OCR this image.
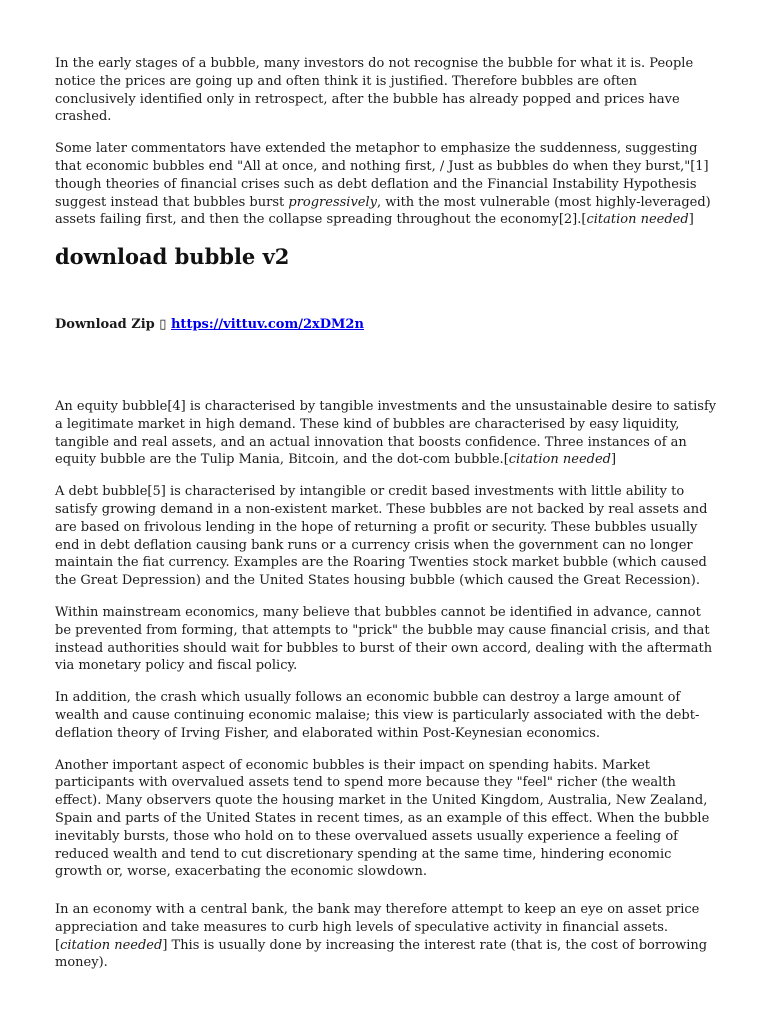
In the early stages of a bubble, many investors do not recognise the bubble for what it is. People notice the prices are going up and often think it is justified. Therefore bubbles are often conclusively identified only in retrospect, after the bubble has already popped and prices have crashed.

Some later commentators have extended the metaphor to emphasize the suddenness, suggesting that economic bubbles end "All at once, and nothing first, / Just as bubbles do when they burst,"[1] though theories of financial crises such as debt deflation and the Financial Instability Hypothesis suggest instead that bubbles burst progressively, with the most vulnerable (most highly-leveraged) assets failing first, and then the collapse spreading throughout the economy[2].[citation needed]

download bubble v2
Download Zip ▯ https://vittuv.com/2xDM2n

An equity bubble[4] is characterised by tangible investments and the unsustainable desire to satisfy a legitimate market in high demand. These kind of bubbles are characterised by easy liquidity, tangible and real assets, and an actual innovation that boosts confidence. Three instances of an equity bubble are the Tulip Mania, Bitcoin, and the dot-com bubble.[citation needed]

A debt bubble[5] is characterised by intangible or credit based investments with little ability to satisfy growing demand in a non-existent market. These bubbles are not backed by real assets and are based on frivolous lending in the hope of returning a profit or security. These bubbles usually end in debt deflation causing bank runs or a currency crisis when the government can no longer maintain the fiat currency. Examples are the Roaring Twenties stock market bubble (which caused the Great Depression) and the United States housing bubble (which caused the Great Recession).

Within mainstream economics, many believe that bubbles cannot be identified in advance, cannot be prevented from forming, that attempts to "prick" the bubble may cause financial crisis, and that instead authorities should wait for bubbles to burst of their own accord, dealing with the aftermath via monetary policy and fiscal policy.

In addition, the crash which usually follows an economic bubble can destroy a large amount of wealth and cause continuing economic malaise; this view is particularly associated with the debt-deflation theory of Irving Fisher, and elaborated within Post-Keynesian economics.

Another important aspect of economic bubbles is their impact on spending habits. Market participants with overvalued assets tend to spend more because they "feel" richer (the wealth effect). Many observers quote the housing market in the United Kingdom, Australia, New Zealand, Spain and parts of the United States in recent times, as an example of this effect. When the bubble inevitably bursts, those who hold on to these overvalued assets usually experience a feeling of reduced wealth and tend to cut discretionary spending at the same time, hindering economic growth or, worse, exacerbating the economic slowdown.

In an economy with a central bank, the bank may therefore attempt to keep an eye on asset price appreciation and take measures to curb high levels of speculative activity in financial assets.[citation needed] This is usually done by increasing the interest rate (that is, the cost of borrowing money).
